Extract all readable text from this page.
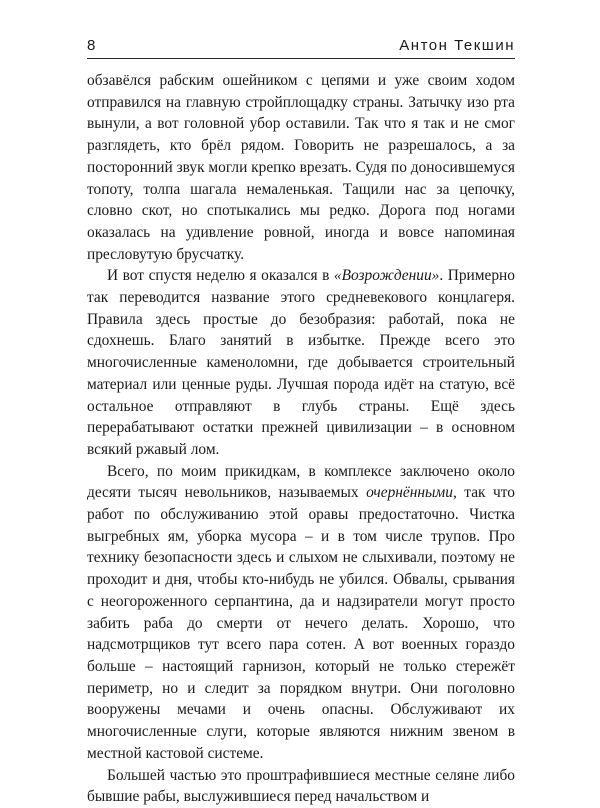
8	Антон Текшин

обзавёлся рабским ошейником с цепями и уже своим ходом отправился на главную стройплощадку страны. Затычку изо рта вынули, а вот головной убор оставили. Так что я так и не смог разглядеть, кто брёл рядом. Говорить не разрешалось, а за посторонний звук могли крепко врезать. Судя по доносившемуся топоту, толпа шагала немаленькая. Тащили нас за цепочку, словно скот, но спотыкались мы редко. Дорога под ногами оказалась на удивление ровной, иногда и вовсе напоминая пресловутую брусчатку.

И вот спустя неделю я оказался в «Возрождении». Примерно так переводится название этого средневекового концлагеря. Правила здесь простые до безобразия: работай, пока не сдохнешь. Благо занятий в избытке. Прежде всего это многочисленные каменоломни, где добывается строительный материал или ценные руды. Лучшая порода идёт на статую, всё остальное отправляют в глубь страны. Ещё здесь перерабатывают остатки прежней цивилизации – в основном всякий ржавый лом.

Всего, по моим прикидкам, в комплексе заключено около десяти тысяч невольников, называемых очернёнными, так что работ по обслуживанию этой оравы предостаточно. Чистка выгребных ям, уборка мусора – и в том числе трупов. Про технику безопасности здесь и слыхом не слыхивали, поэтому не проходит и дня, чтобы кто-нибудь не убился. Обвалы, срывания с неогороженного серпантина, да и надзиратели могут просто забить раба до смерти от нечего делать. Хорошо, что надсмотрщиков тут всего пара сотен. А вот военных гораздо больше – настоящий гарнизон, который не только стережёт периметр, но и следит за порядком внутри. Они поголовно вооружены мечами и очень опасны. Обслуживают их многочисленные слуги, которые являются нижним звеном в местной кастовой системе.

Большей частью это проштрафившиеся местные селяне либо бывшие рабы, выслужившиеся перед начальством и
